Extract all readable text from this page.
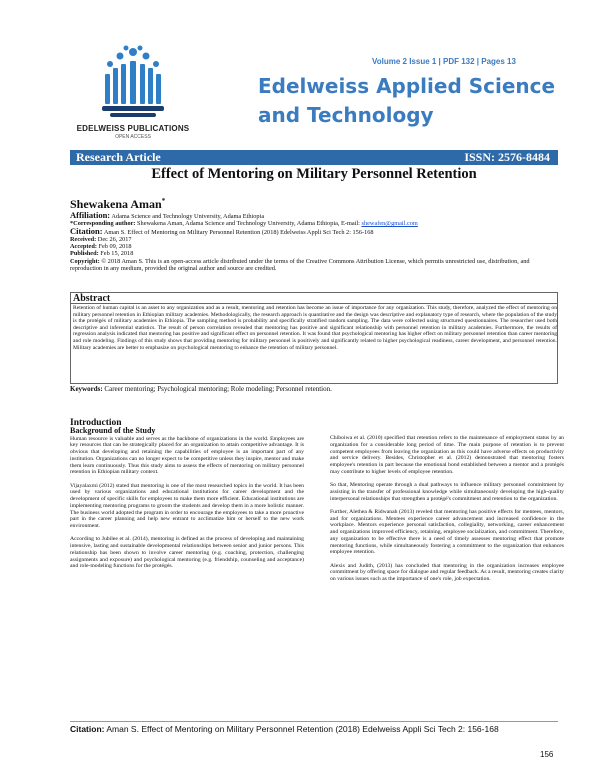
EDELWEISS PUBLICATIONS
OPEN ACCESS
Volume 2 Issue 1 | PDF 132 | Pages 13
Edelweiss Applied Science and Technology
Research Article	ISSN: 2576-8484
Effect of Mentoring on Military Personnel Retention
Shewakena Aman*
Affiliation: Adama Science and Technology University, Adama Ethiopia
*Corresponding author: Shewakena Aman, Adama Science and Technology University, Adama Ethiopia, E-mail: shewafen@gmail.com
Citation: Aman S. Effect of Mentoring on Military Personnel Retention (2018) Edelweiss Appli Sci Tech 2: 156-168
Received: Dec 26, 2017
Accepted: Feb 09, 2018
Published: Feb 15, 2018
Copyright: © 2018 Aman S. This is an open-access article distributed under the terms of the Creative Commons Attribution License, which permits unrestricted use, distribution, and reproduction in any medium, provided the original author and source are credited.
Abstract
Retention of human capital is an asset to any organization and as a result, mentoring and retention has become an issue of importance for any organization. This study, therefore, analyzed the effect of mentoring on military personnel retention in Ethiopian military academies. Methodologically, the research approach is quantitative and the design was descriptive and explanatory type of research, where the population of the study is the protégés of military academies in Ethiopia. The sampling method is probability and specifically stratified random sampling. The data were collected using structured questionnaires. The researcher used both descriptive and inferential statistics. The result of person correlation revealed that mentoring has positive and significant relationship with personnel retention in military academies. Furthermore, the results of regression analysis indicated that mentoring has positive and significant effect on personnel retention. It was found that psychological mentoring has higher effect on military personnel retention than career mentoring and role modeling. Findings of this study shows that providing mentoring for military personnel is positively and significantly related to higher psychological readiness, career development, and personnel retention. Military academies are better to emphasize on psychological mentoring to enhance the retention of military personnel.
Keywords: Career mentoring; Psychological mentoring; Role modeling; Personnel retention.
Introduction
Background of the Study

Human resource is valuable and serves as the backbone of organizations in the world. Employees are key resources that can be strategically placed for an organization to attain competitive advantage. It is obvious that developing and retaining the capabilities of employee is an important part of any institution. Organizations can no longer expect to be competitive unless they inspire, mentor and make them learn continuously. Thus this study aims to assess the effects of mentoring on military personnel retention in Ethiopian military context.

Vijayalaxmi (2012) stated that mentoring is one of the most researched topics in the world. It has been used by various organizations and educational institutions for career development and the development of specific skills for employees to make them more efficient. Educational institutions are implementing mentoring programs to groom the students and develop them in a more holistic manner. The business world adopted the program in order to encourage the employees to take a more proactive part in the career planning and help new entrant to acclimatize him or herself to the new work environment.

According to Jubilee et al. (2014), mentoring is defined as the process of developing and maintaining intensive, lasting and sustainable developmental relationships between senior and junior persons. This relationship has been shown to involve career mentoring (e.g. coaching, protection, challenging assignments and exposure) and psychological mentoring (e.g. friendship, counseling and acceptance) and role-modeling functions for the protégés.

Chiboiwa et al. (2010) specified that retention refers to the maintenance of employment status by an organization for a considerable long period of time. The main purpose of retention is to prevent competent employees from leaving the organization as this could have adverse effects on productivity and service delivery. Besides, Christopher et al. (2012) demonstrated that mentoring fosters employee's retention in part because the emotional bond established between a mentor and a protégés may contribute to higher levels of employee retention.

So that, Mentoring operate through a dual pathways to influence military personnel commitment by assisting in the transfer of professional knowledge while simultaneously developing the high-quality interpersonal relationships that strengthen a protégé's commitment and retention to the organization.

Further, Alethea & Ridwanah (2013) reveled that mentoring has positive effects for mentees, mentors, and for organizations. Mentees experience career advancement and increased confidence in the workplace. Mentors experience personal satisfaction, collegiality, networking, career enhancement and organizations improved efficiency, retaining, employee socialization, and commitment. Therefore, any organization to be effective there is a need of timely assesses mentoring effect that promote mentoring functions, while simultaneously fostering a commitment to the organization that enhances employee retention.

Alexis and Judith, (2013) has concluded that mentoring in the organization increases employee commitment by offering space for dialogue and regular feedback. As a result, mentoring creates clarity on various issues such as the importance of one's role, job expectation.

Citation: Aman S. Effect of Mentoring on Military Personnel Retention (2018) Edelweiss Appli Sci Tech 2: 156-168
156
